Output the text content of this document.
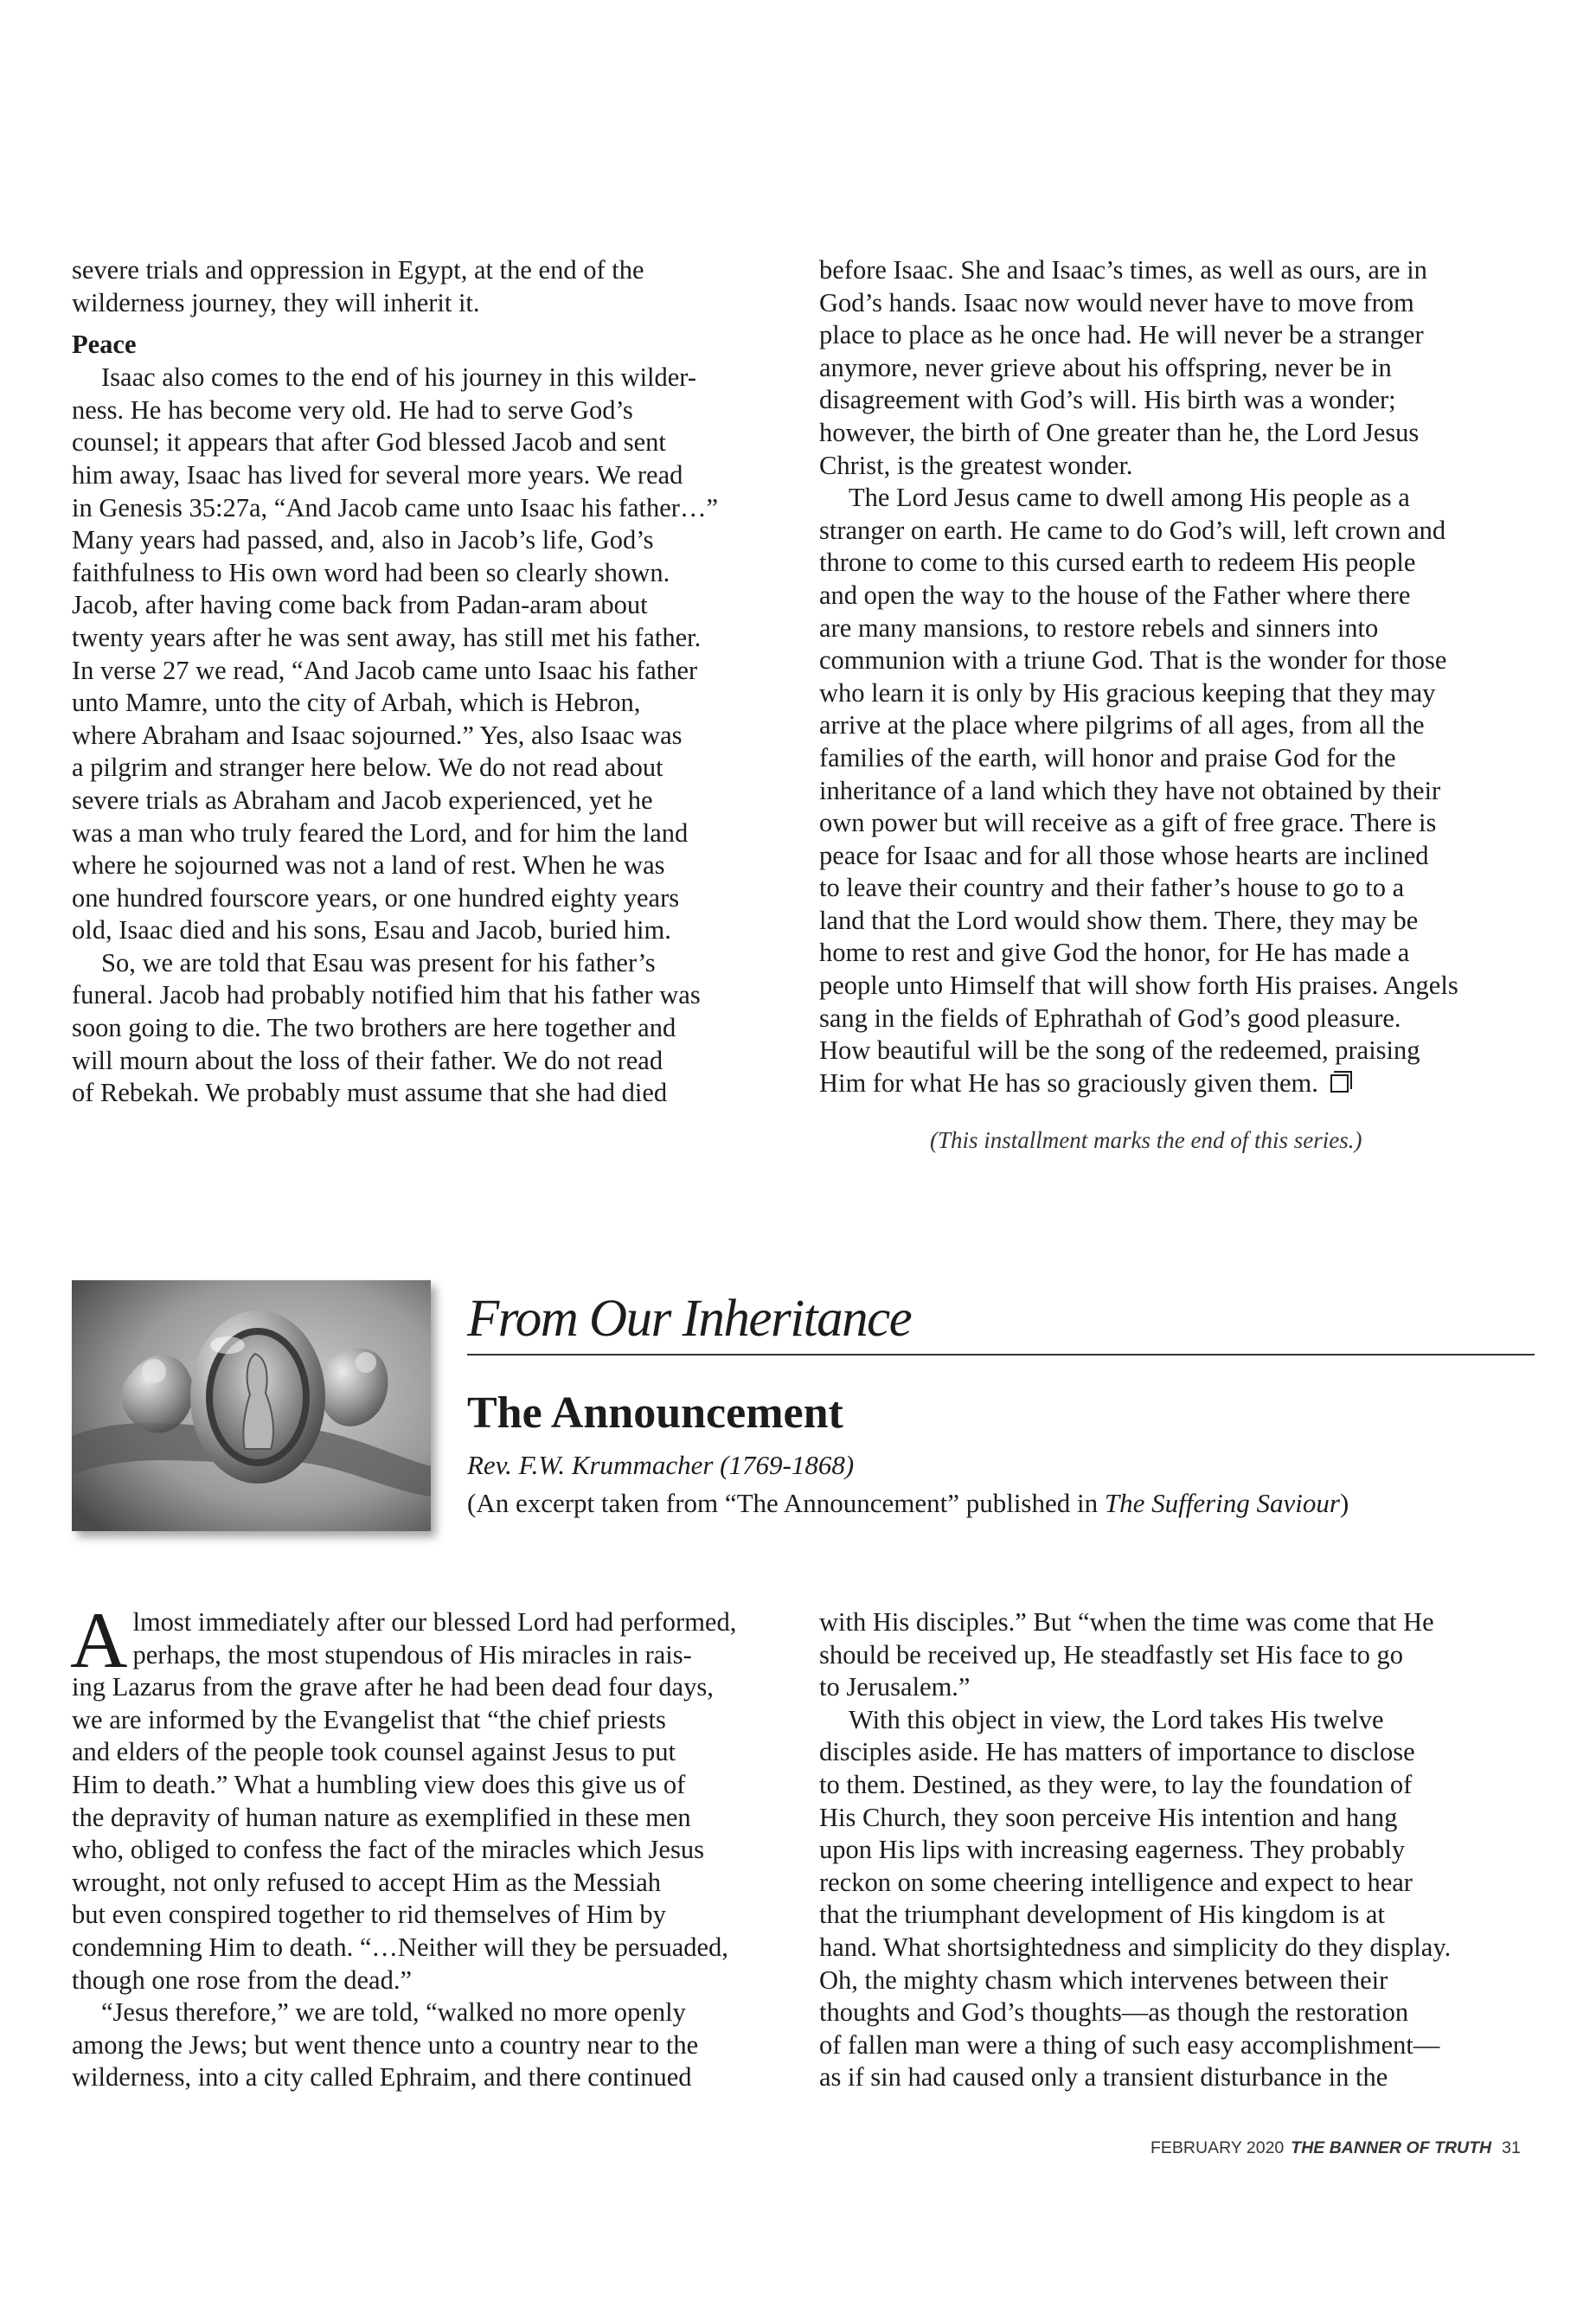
severe trials and oppression in Egypt, at the end of the
wilderness journey, they will inherit it.

Peace

Isaac also comes to the end of his journey in this wilder-
ness. He has become very old. He had to serve God’s
counsel; it appears that after God blessed Jacob and sent
him away, Isaac has lived for several more years. We read
in Genesis 35:27a, “And Jacob came unto Isaac his father…”
Many years had passed, and, also in Jacob’s life, God’s
faithfulness to His own word had been so clearly shown.
Jacob, after having come back from Padan-aram about
twenty years after he was sent away, has still met his father.
In verse 27 we read, “And Jacob came unto Isaac his father
unto Mamre, unto the city of Arbah, which is Hebron,
where Abraham and Isaac sojourned.” Yes, also Isaac was
a pilgrim and stranger here below. We do not read about
severe trials as Abraham and Jacob experienced, yet he
was a man who truly feared the Lord, and for him the land
where he sojourned was not a land of rest. When he was
one hundred fourscore years, or one hundred eighty years
old, Isaac died and his sons, Esau and Jacob, buried him.

So, we are told that Esau was present for his father’s
funeral. Jacob had probably notified him that his father was
soon going to die. The two brothers are here together and
will mourn about the loss of their father. We do not read
of Rebekah. We probably must assume that she had died

before Isaac. She and Isaac’s times, as well as ours, are in
God’s hands. Isaac now would never have to move from
place to place as he once had. He will never be a stranger
anymore, never grieve about his offspring, never be in
disagreement with God’s will. His birth was a wonder;
however, the birth of One greater than he, the Lord Jesus
Christ, is the greatest wonder.

The Lord Jesus came to dwell among His people as a
stranger on earth. He came to do God’s will, left crown and
throne to come to this cursed earth to redeem His people
and open the way to the house of the Father where there
are many mansions, to restore rebels and sinners into
communion with a triune God. That is the wonder for those
who learn it is only by His gracious keeping that they may
arrive at the place where pilgrims of all ages, from all the
families of the earth, will honor and praise God for the
inheritance of a land which they have not obtained by their
own power but will receive as a gift of free grace. There is
peace for Isaac and for all those whose hearts are inclined
to leave their country and their father’s house to go to a
land that the Lord would show them. There, they may be
home to rest and give God the honor, for He has made a
people unto Himself that will show forth His praises. Angels
sang in the fields of Ephrathah of God’s good pleasure.
How beautiful will be the song of the redeemed, praising
Him for what He has so graciously given them.

(This installment marks the end of this series.)
From Our Inheritance
The Announcement
Rev. F.W. Krummacher (1769-1868)
(An excerpt taken from “The Announcement” published in The Suffering Saviour)

A lmost immediately after our blessed Lord had performed,
perhaps, the most stupendous of His miracles in rais-
ing Lazarus from the grave after he had been dead four days,
we are informed by the Evangelist that “the chief priests
and elders of the people took counsel against Jesus to put
Him to death.” What a humbling view does this give us of
the depravity of human nature as exemplified in these men
who, obliged to confess the fact of the miracles which Jesus
wrought, not only refused to accept Him as the Messiah
but even conspired together to rid themselves of Him by
condemning Him to death. “…Neither will they be persuaded,
though one rose from the dead.”

“Jesus therefore,” we are told, “walked no more openly
among the Jews; but went thence unto a country near to the
wilderness, into a city called Ephraim, and there continued

with His disciples.” But “when the time was come that He
should be received up, He steadfastly set His face to go
to Jerusalem.”

With this object in view, the Lord takes His twelve
disciples aside. He has matters of importance to disclose
to them. Destined, as they were, to lay the foundation of
His Church, they soon perceive His intention and hang
upon His lips with increasing eagerness. They probably
reckon on some cheering intelligence and expect to hear
that the triumphant development of His kingdom is at
hand. What shortsightedness and simplicity do they display.
Oh, the mighty chasm which intervenes between their
thoughts and God’s thoughts—as though the restoration
of fallen man were a thing of such easy accomplishment—
as if sin had caused only a transient disturbance in the

FEBRUARY 2020 THE BANNER OF TRUTH 31
